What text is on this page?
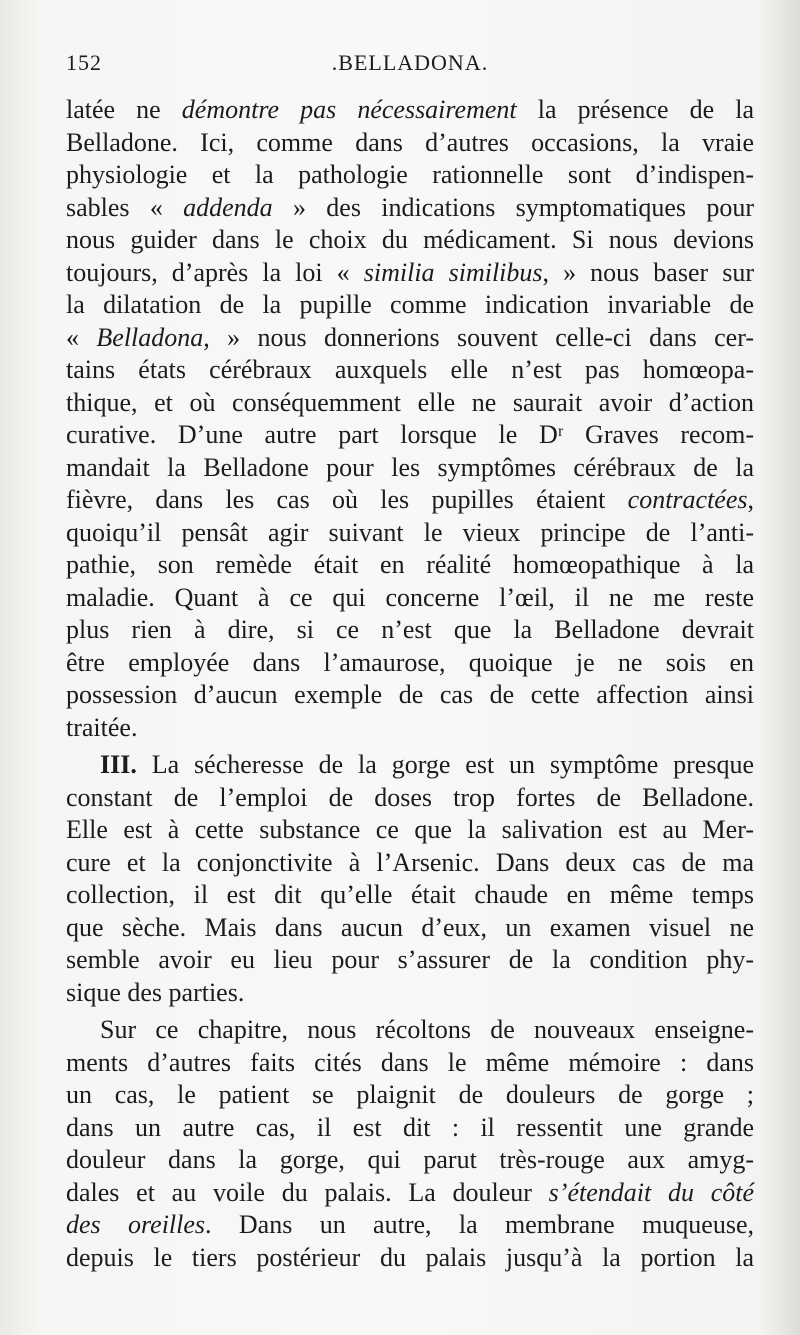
152	.BELLADONA.
latée ne démontre pas nécessairement la présence de la
Belladone. Ici, comme dans d’autres occasions, la vraie
physiologie et la pathologie rationnelle sont d’indispen-
sables « addenda » des indications symptomatiques pour
nous guider dans le choix du médicament. Si nous devions
toujours, d’après la loi « similia similibus, » nous baser sur
la dilatation de la pupille comme indication invariable de
« Belladona, » nous donnerions souvent celle-ci dans cer-
tains états cérébraux auxquels elle n’est pas homœopa-
thique, et où conséquemment elle ne saurait avoir d’action
curative. D’une autre part lorsque le Dʳ Graves recom-
mandait la Belladone pour les symptômes cérébraux de la
fièvre, dans les cas où les pupilles étaient contractées,
quoiqu’il pensât agir suivant le vieux principe de l’anti-
pathie, son remède était en réalité homœopathique à la
maladie. Quant à ce qui concerne l’œil, il ne me reste
plus rien à dire, si ce n’est que la Belladone devrait
être employée dans l’amaurose, quoique je ne sois en
possession d’aucun exemple de cas de cette affection ainsi
traitée.
III. La sécheresse de la gorge est un symptôme presque
constant de l’emploi de doses trop fortes de Belladone.
Elle est à cette substance ce que la salivation est au Mer-
cure et la conjonctivite à l’Arsenic. Dans deux cas de ma
collection, il est dit qu’elle était chaude en même temps
que sèche. Mais dans aucun d’eux, un examen visuel ne
semble avoir eu lieu pour s’assurer de la condition phy-
sique des parties.
Sur ce chapitre, nous récoltons de nouveaux enseigne-
ments d’autres faits cités dans le même mémoire : dans
un cas, le patient se plaignit de douleurs de gorge ;
dans un autre cas, il est dit : il ressentit une grande
douleur dans la gorge, qui parut très-rouge aux amyg-
dales et au voile du palais. La douleur s’étendait du côté
des oreilles. Dans un autre, la membrane muqueuse,
depuis le tiers postérieur du palais jusqu’à la portion la
